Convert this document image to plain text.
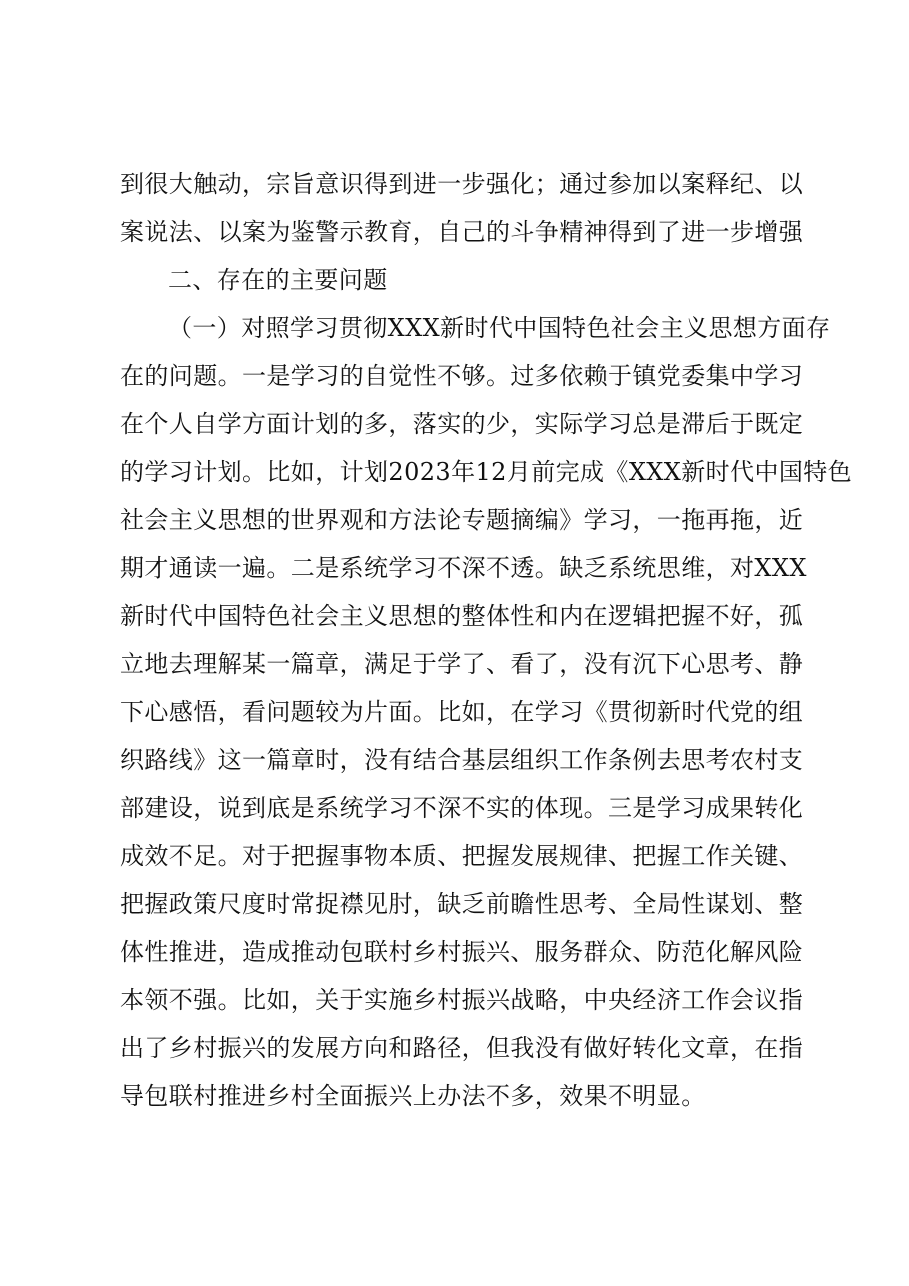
到很大触动，宗旨意识得到进一步强化；通过参加以案释纪、以
案说法、以案为鉴警示教育，自己的斗争精神得到了进一步增强
二、存在的主要问题
（一）对照学习贯彻XXX新时代中国特色社会主义思想方面存
在的问题。一是学习的自觉性不够。过多依赖于镇党委集中学习
在个人自学方面计划的多，落实的少，实际学习总是滞后于既定
的学习计划。比如，计划2023年12月前完成《XXX新时代中国特色
社会主义思想的世界观和方法论专题摘编》学习，一拖再拖，近
期才通读一遍。二是系统学习不深不透。缺乏系统思维，对XXX
新时代中国特色社会主义思想的整体性和内在逻辑把握不好，孤
立地去理解某一篇章，满足于学了、看了，没有沉下心思考、静
下心感悟，看问题较为片面。比如，在学习《贯彻新时代党的组
织路线》这一篇章时，没有结合基层组织工作条例去思考农村支
部建设，说到底是系统学习不深不实的体现。三是学习成果转化
成效不足。对于把握事物本质、把握发展规律、把握工作关键、
把握政策尺度时常捉襟见肘，缺乏前瞻性思考、全局性谋划、整
体性推进，造成推动包联村乡村振兴、服务群众、防范化解风险
本领不强。比如，关于实施乡村振兴战略，中央经济工作会议指
出了乡村振兴的发展方向和路径，但我没有做好转化文章，在指
导包联村推进乡村全面振兴上办法不多，效果不明显。
